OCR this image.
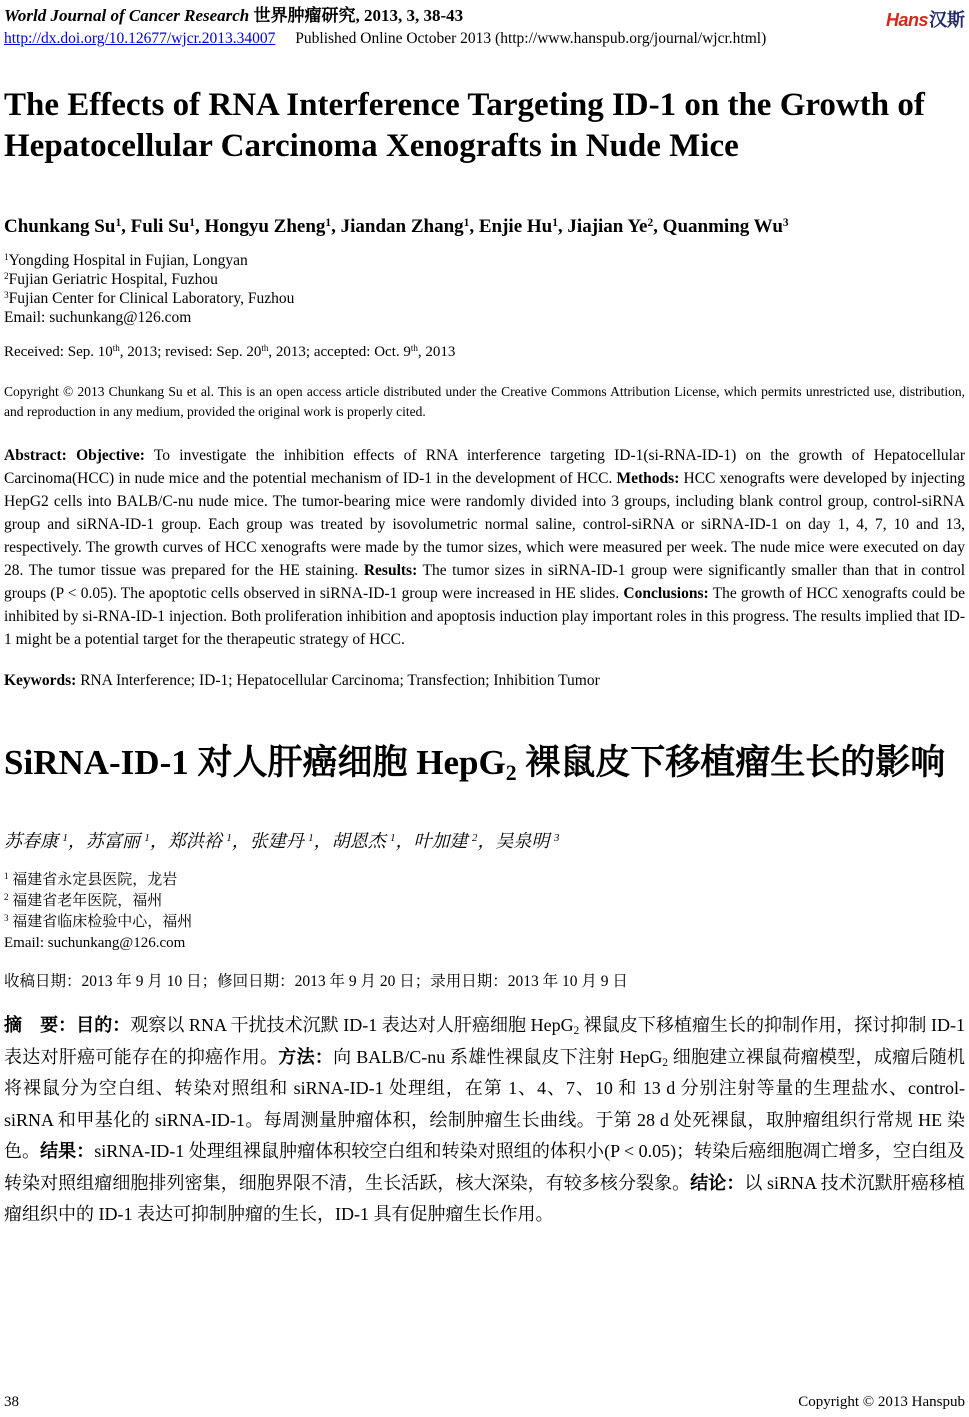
World Journal of Cancer Research 世界肿瘤研究, 2013, 3, 38-43
http://dx.doi.org/10.12677/wjcr.2013.34007 Published Online October 2013 (http://www.hanspub.org/journal/wjcr.html)
Hans汉斯
The Effects of RNA Interference Targeting ID-1 on the Growth of Hepatocellular Carcinoma Xenografts in Nude Mice

Chunkang Su$^1$, Fuli Su$^1$, Hongyu Zheng$^1$, Jiandan Zhang$^1$, Enjie Hu$^1$, Jiajian Ye$^2$, Quanming Wu$^3$

$^1$Yongding Hospital in Fujian, Longyan
$^2$Fujian Geriatric Hospital, Fuzhou
$^3$Fujian Center for Clinical Laboratory, Fuzhou
Email: suchunkang@126.com

Received: Sep. 10th, 2013; revised: Sep. 20th, 2013; accepted: Oct. 9th, 2013

Copyright © 2013 Chunkang Su et al. This is an open access article distributed under the Creative Commons Attribution License, which permits unrestricted use, distribution, and reproduction in any medium, provided the original work is properly cited.

Abstract: Objective: To investigate the inhibition effects of RNA interference targeting ID-1(si-RNA-ID-1) on the growth of Hepatocellular Carcinoma(HCC) in nude mice and the potential mechanism of ID-1 in the development of HCC. Methods: HCC xenografts were developed by injecting HepG2 cells into BALB/C-nu nude mice. The tumor-bearing mice were randomly divided into 3 groups, including blank control group, control-siRNA group and siRNA-ID-1 group. Each group was treated by isovolumetric normal saline, control-siRNA or siRNA-ID-1 on day 1, 4, 7, 10 and 13, respectively. The growth curves of HCC xenografts were made by the tumor sizes, which were measured per week. The nude mice were executed on day 28. The tumor tissue was prepared for the HE staining. Results: The tumor sizes in siRNA-ID-1 group were significantly smaller than that in control groups (P < 0.05). The apoptotic cells observed in siRNA-ID-1 group were increased in HE slides. Conclusions: The growth of HCC xenografts could be inhibited by si-RNA-ID-1 injection. Both proliferation inhibition and apoptosis induction play important roles in this progress. The results implied that ID-1 might be a potential target for the therapeutic strategy of HCC.

Keywords: RNA Interference; ID-1; Hepatocellular Carcinoma; Transfection; Inhibition Tumor

SiRNA-ID-1 对人肝癌细胞 HepG$_2$ 裸鼠皮下移植瘤生长的影响

苏春康 $^1$，苏富丽 $^1$，郑洪裕 $^1$，张建丹 $^1$，胡恩杰 $^1$，叶加建 $^2$，吴泉明 $^3$

$^1$ 福建省永定县医院，龙岩
$^2$ 福建省老年医院，福州
$^3$ 福建省临床检验中心，福州
Email: suchunkang@126.com

收稿日期：2013 年 9 月 10 日；修回日期：2013 年 9 月 20 日；录用日期：2013 年 10 月 9 日

摘　要：目的：观察以 RNA 干扰技术沉默 ID-1 表达对人肝癌细胞 HepG$_2$ 裸鼠皮下移植瘤生长的抑制作用，探讨抑制 ID-1 表达对肝癌可能存在的抑癌作用。方法：向 BALB/C-nu 系雄性裸鼠皮下注射 HepG$_2$ 细胞建立裸鼠荷瘤模型，成瘤后随机将裸鼠分为空白组、转染对照组和 siRNA-ID-1 处理组，在第 1、4、7、10 和 13 d 分别注射等量的生理盐水、control-siRNA 和甲基化的 siRNA-ID-1。每周测量肿瘤体积，绘制肿瘤生长曲线。于第 28 d 处死裸鼠，取肿瘤组织行常规 HE 染色。结果：siRNA-ID-1 处理组裸鼠肿瘤体积较空白组和转染对照组的体积小(P < 0.05)；转染后癌细胞凋亡增多，空白组及转染对照组瘤细胞排列密集，细胞界限不清，生长活跃，核大深染，有较多核分裂象。结论：以 siRNA 技术沉默肝癌移植瘤组织中的 ID-1 表达可抑制肿瘤的生长，ID-1 具有促肿瘤生长作用。

38	Copyright © 2013 Hanspub
